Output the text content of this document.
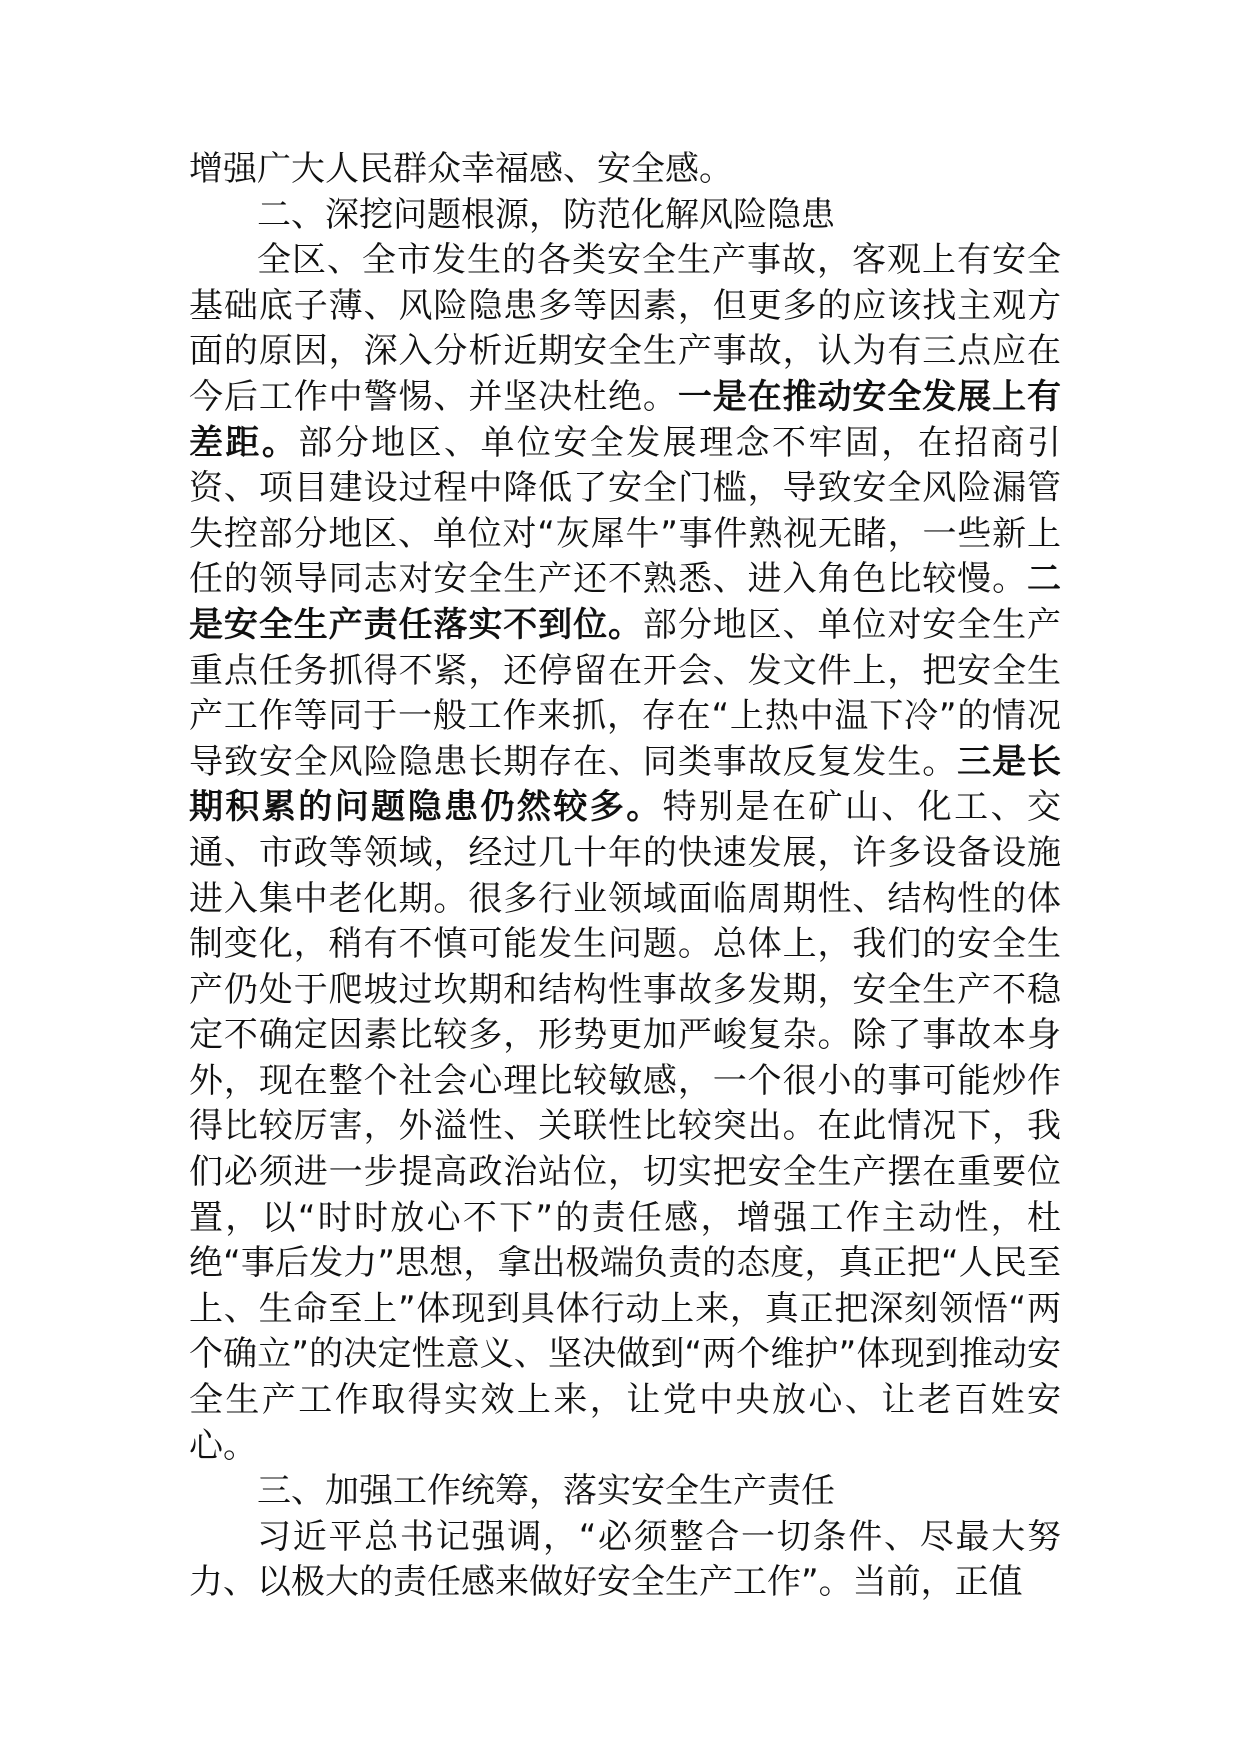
增强广大人民群众幸福感、安全感。

二、深挖问题根源，防范化解风险隐患

全区、全市发生的各类安全生产事故，客观上有安全基础底子薄、风险隐患多等因素，但更多的应该找主观方面的原因，深入分析近期安全生产事故，认为有三点应在今后工作中警惕、并坚决杜绝。一是在推动安全发展上有差距。部分地区、单位安全发展理念不牢固，在招商引资、项目建设过程中降低了安全门槛，导致安全风险漏管失控部分地区、单位对“灰犀牛”事件熟视无睹，一些新上任的领导同志对安全生产还不熟悉、进入角色比较慢。二是安全生产责任落实不到位。部分地区、单位对安全生产重点任务抓得不紧，还停留在开会、发文件上，把安全生产工作等同于一般工作来抓，存在“上热中温下冷”的情况导致安全风险隐患长期存在、同类事故反复发生。三是长期积累的问题隐患仍然较多。特别是在矿山、化工、交通、市政等领域，经过几十年的快速发展，许多设备设施进入集中老化期。很多行业领域面临周期性、结构性的体制变化，稍有不慎可能发生问题。总体上，我们的安全生产仍处于爬坡过坎期和结构性事故多发期，安全生产不稳定不确定因素比较多，形势更加严峻复杂。除了事故本身外，现在整个社会心理比较敏感，一个很小的事可能炒作得比较厉害，外溢性、关联性比较突出。在此情况下，我们必须进一步提高政治站位，切实把安全生产摆在重要位置，以“时时放心不下”的责任感，增强工作主动性，杜绝“事后发力”思想，拿出极端负责的态度，真正把“人民至上、生命至上”体现到具体行动上来，真正把深刻领悟“两个确立”的决定性意义、坚决做到“两个维护”体现到推动安全生产工作取得实效上来，让党中央放心、让老百姓安心。

三、加强工作统筹，落实安全生产责任

习近平总书记强调，“必须整合一切条件、尽最大努力、以极大的责任感来做好安全生产工作”。当前，正值
